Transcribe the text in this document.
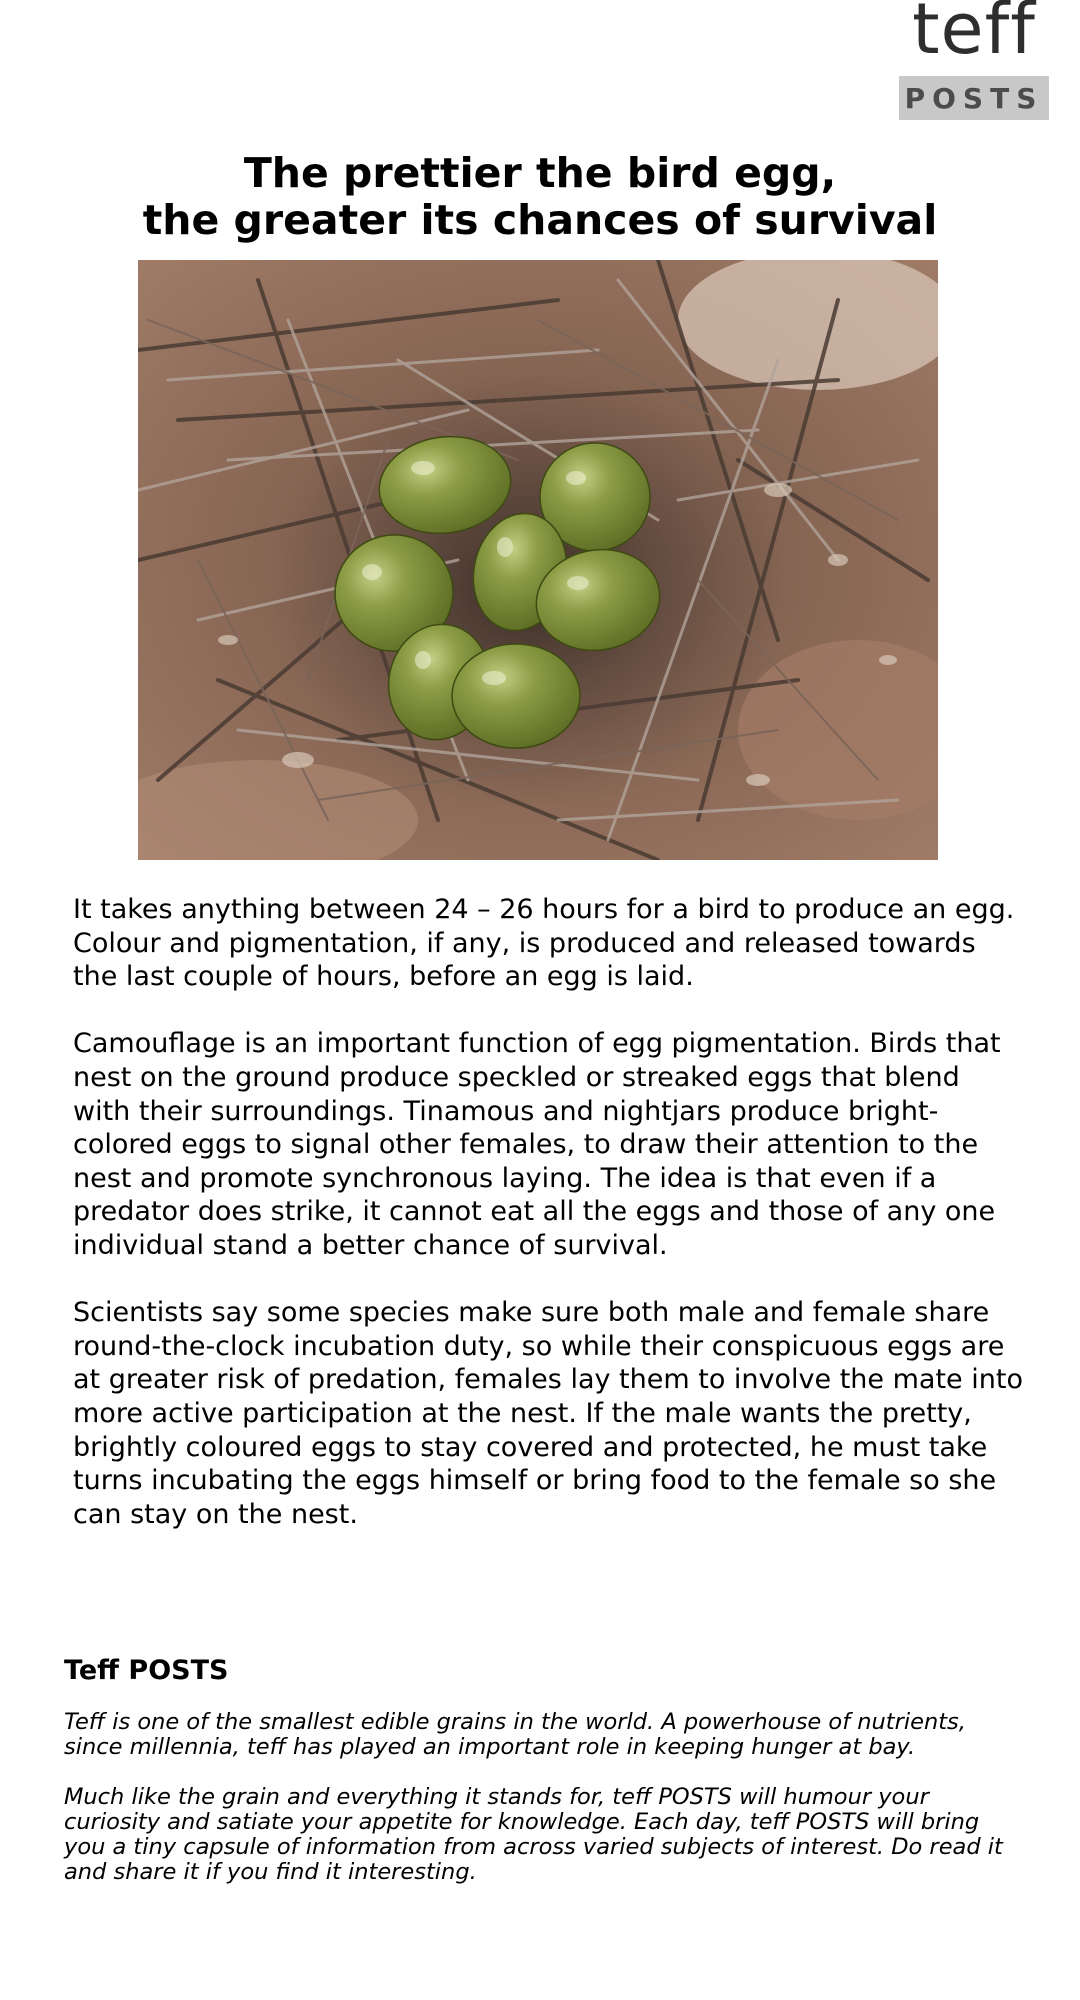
teff
POSTS
The prettier the bird egg,
the greater its chances of survival

It takes anything between 24 – 26 hours for a bird to produce an egg. Colour and pigmentation, if any, is produced and released towards the last couple of hours, before an egg is laid.

Camouflage is an important function of egg pigmentation. Birds that nest on the ground produce speckled or streaked eggs that blend with their surroundings. Tinamous and nightjars produce bright- colored eggs to signal other females, to draw their attention to the nest and promote synchronous laying. The idea is that even if a predator does strike, it cannot eat all the eggs and those of any one individual stand a better chance of survival.

Scientists say some species make sure both male and female share round-the-clock incubation duty, so while their conspicuous eggs are at greater risk of predation, females lay them to involve the mate into more active participation at the nest. If the male wants the pretty, brightly coloured eggs to stay covered and protected, he must take turns incubating the eggs himself or bring food to the female so she can stay on the nest.

Teff POSTS

Teff is one of the smallest edible grains in the world. A powerhouse of nutrients, since millennia, teff has played an important role in keeping hunger at bay.

Much like the grain and everything it stands for, teff POSTS will humour your curiosity and satiate your appetite for knowledge. Each day, teff POSTS will bring you a tiny capsule of information from across varied subjects of interest. Do read it and share it if you find it interesting.
